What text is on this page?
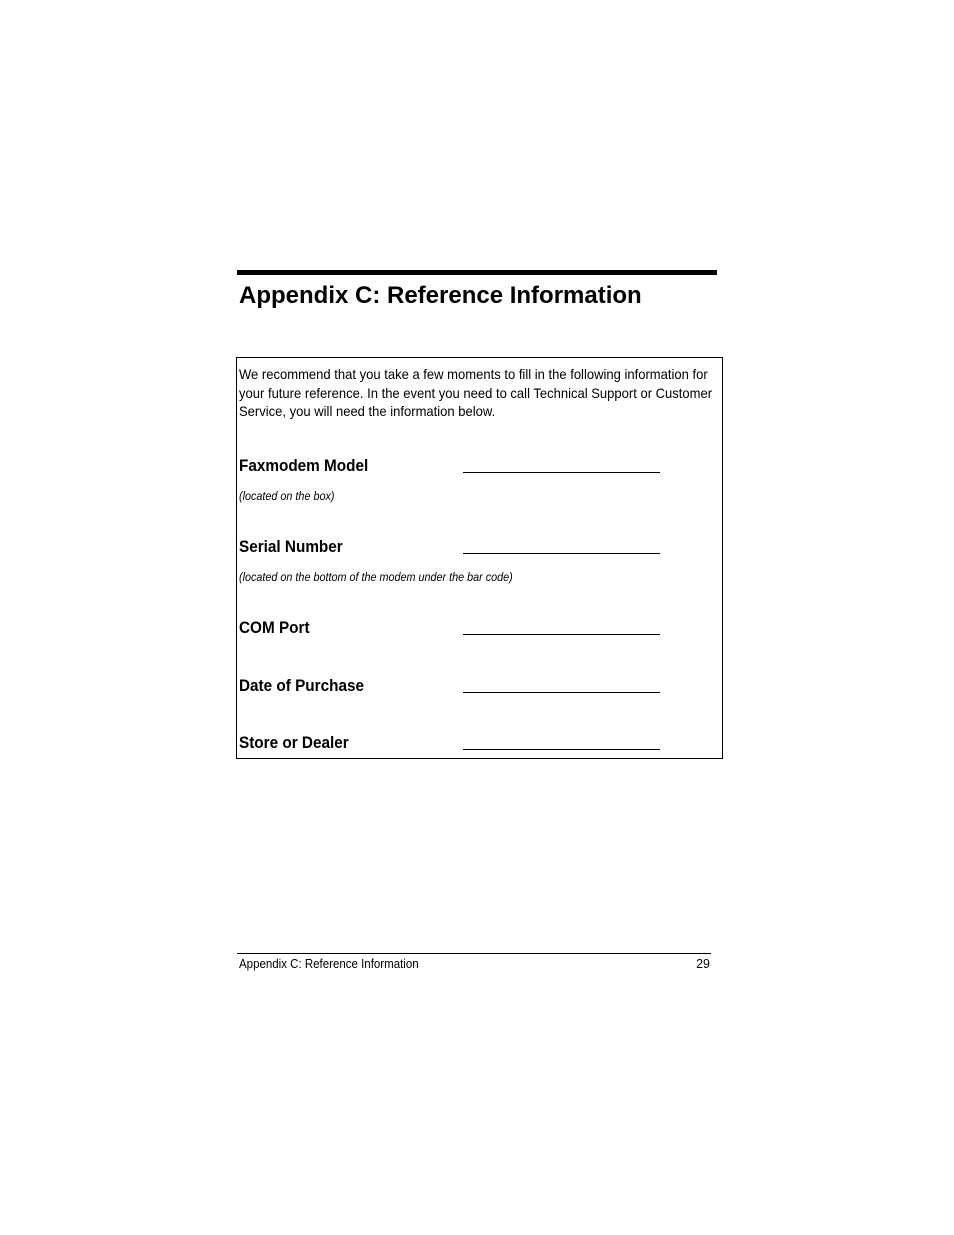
Appendix C: Reference Information

We recommend that you take a few moments to fill in the following information for your future reference. In the event you need to call Technical Support or Customer Service, you will need the information below.

Faxmodem Model

(located on the box)

Serial Number

(located on the bottom of the modem under the bar code)

COM Port

Date of Purchase

Store or Dealer

Appendix C: Reference Information	29
